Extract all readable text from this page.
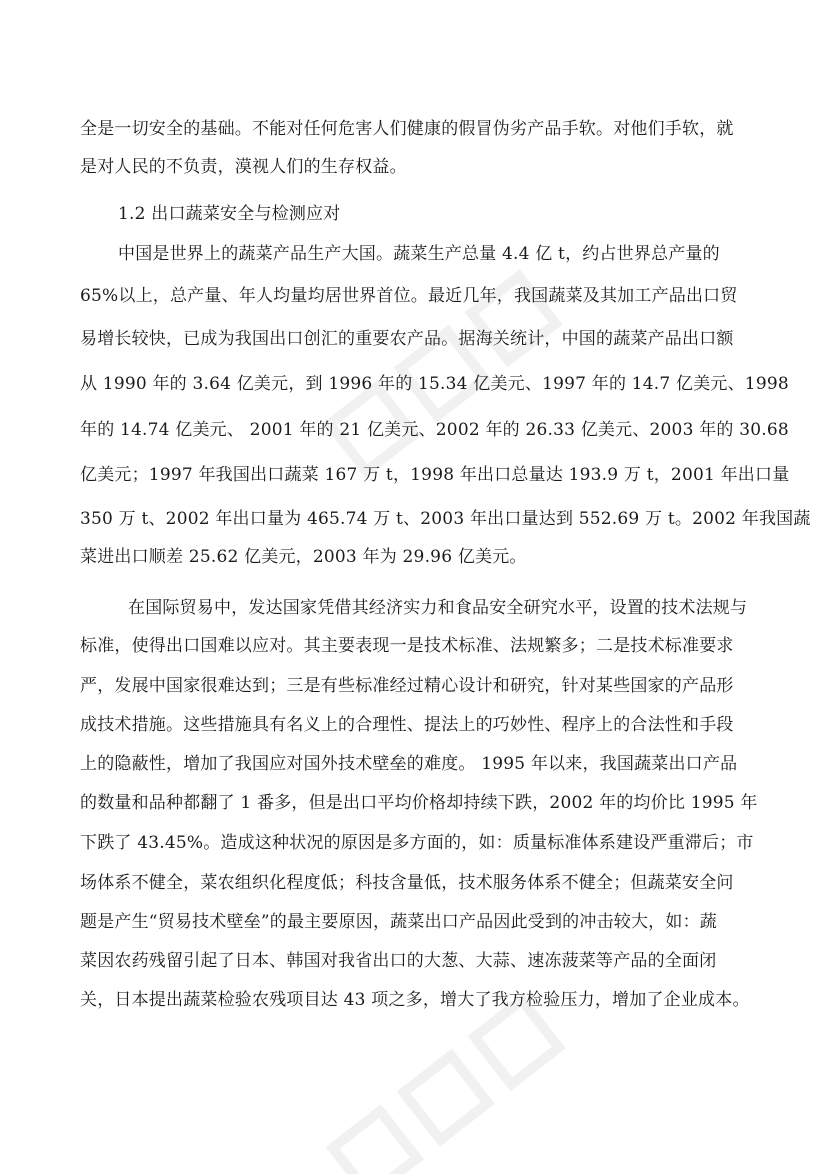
全是一切安全的基础。不能对任何危害人们健康的假冒伪劣产品手软。对他们手软，就
是对人民的不负责，漠视人们的生存权益。
1.2 出口蔬菜安全与检测应对
中国是世界上的蔬菜产品生产大国。蔬菜生产总量 4.4 亿 t，约占世界总产量的
65%以上，总产量、年人均量均居世界首位。最近几年，我国蔬菜及其加工产品出口贸
易增长较快，已成为我国出口创汇的重要农产品。据海关统计，中国的蔬菜产品出口额
从 1990 年的 3.64 亿美元，到 1996 年的 15.34 亿美元、1997 年的 14.7 亿美元、1998
年的 14.74 亿美元、 2001 年的 21 亿美元、2002 年的 26.33 亿美元、2003 年的 30.68
亿美元；1997 年我国出口蔬菜 167 万 t，1998 年出口总量达 193.9 万 t，2001 年出口量
350 万 t、2002 年出口量为 465.74 万 t、2003 年出口量达到 552.69 万 t。2002 年我国蔬
菜进出口顺差 25.62 亿美元，2003 年为 29.96 亿美元。
在国际贸易中，发达国家凭借其经济实力和食品安全研究水平，设置的技术法规与
标准，使得出口国难以应对。其主要表现一是技术标准、法规繁多；二是技术标准要求
严，发展中国家很难达到；三是有些标准经过精心设计和研究，针对某些国家的产品形
成技术措施。这些措施具有名义上的合理性、提法上的巧妙性、程序上的合法性和手段
上的隐蔽性，增加了我国应对国外技术壁垒的难度。 1995 年以来，我国蔬菜出口产品
的数量和品种都翻了 1 番多，但是出口平均价格却持续下跌，2002 年的均价比 1995 年
下跌了 43.45%。造成这种状况的原因是多方面的，如：质量标准体系建设严重滞后；市
场体系不健全，菜农组织化程度低；科技含量低，技术服务体系不健全；但蔬菜安全问
题是产生“贸易技术壁垒”的最主要原因，蔬菜出口产品因此受到的冲击较大，如：蔬
菜因农药残留引起了日本、韩国对我省出口的大葱、大蒜、速冻菠菜等产品的全面闭
关，日本提出蔬菜检验农残项目达 43 项之多，增大了我方检验压力，增加了企业成本。
